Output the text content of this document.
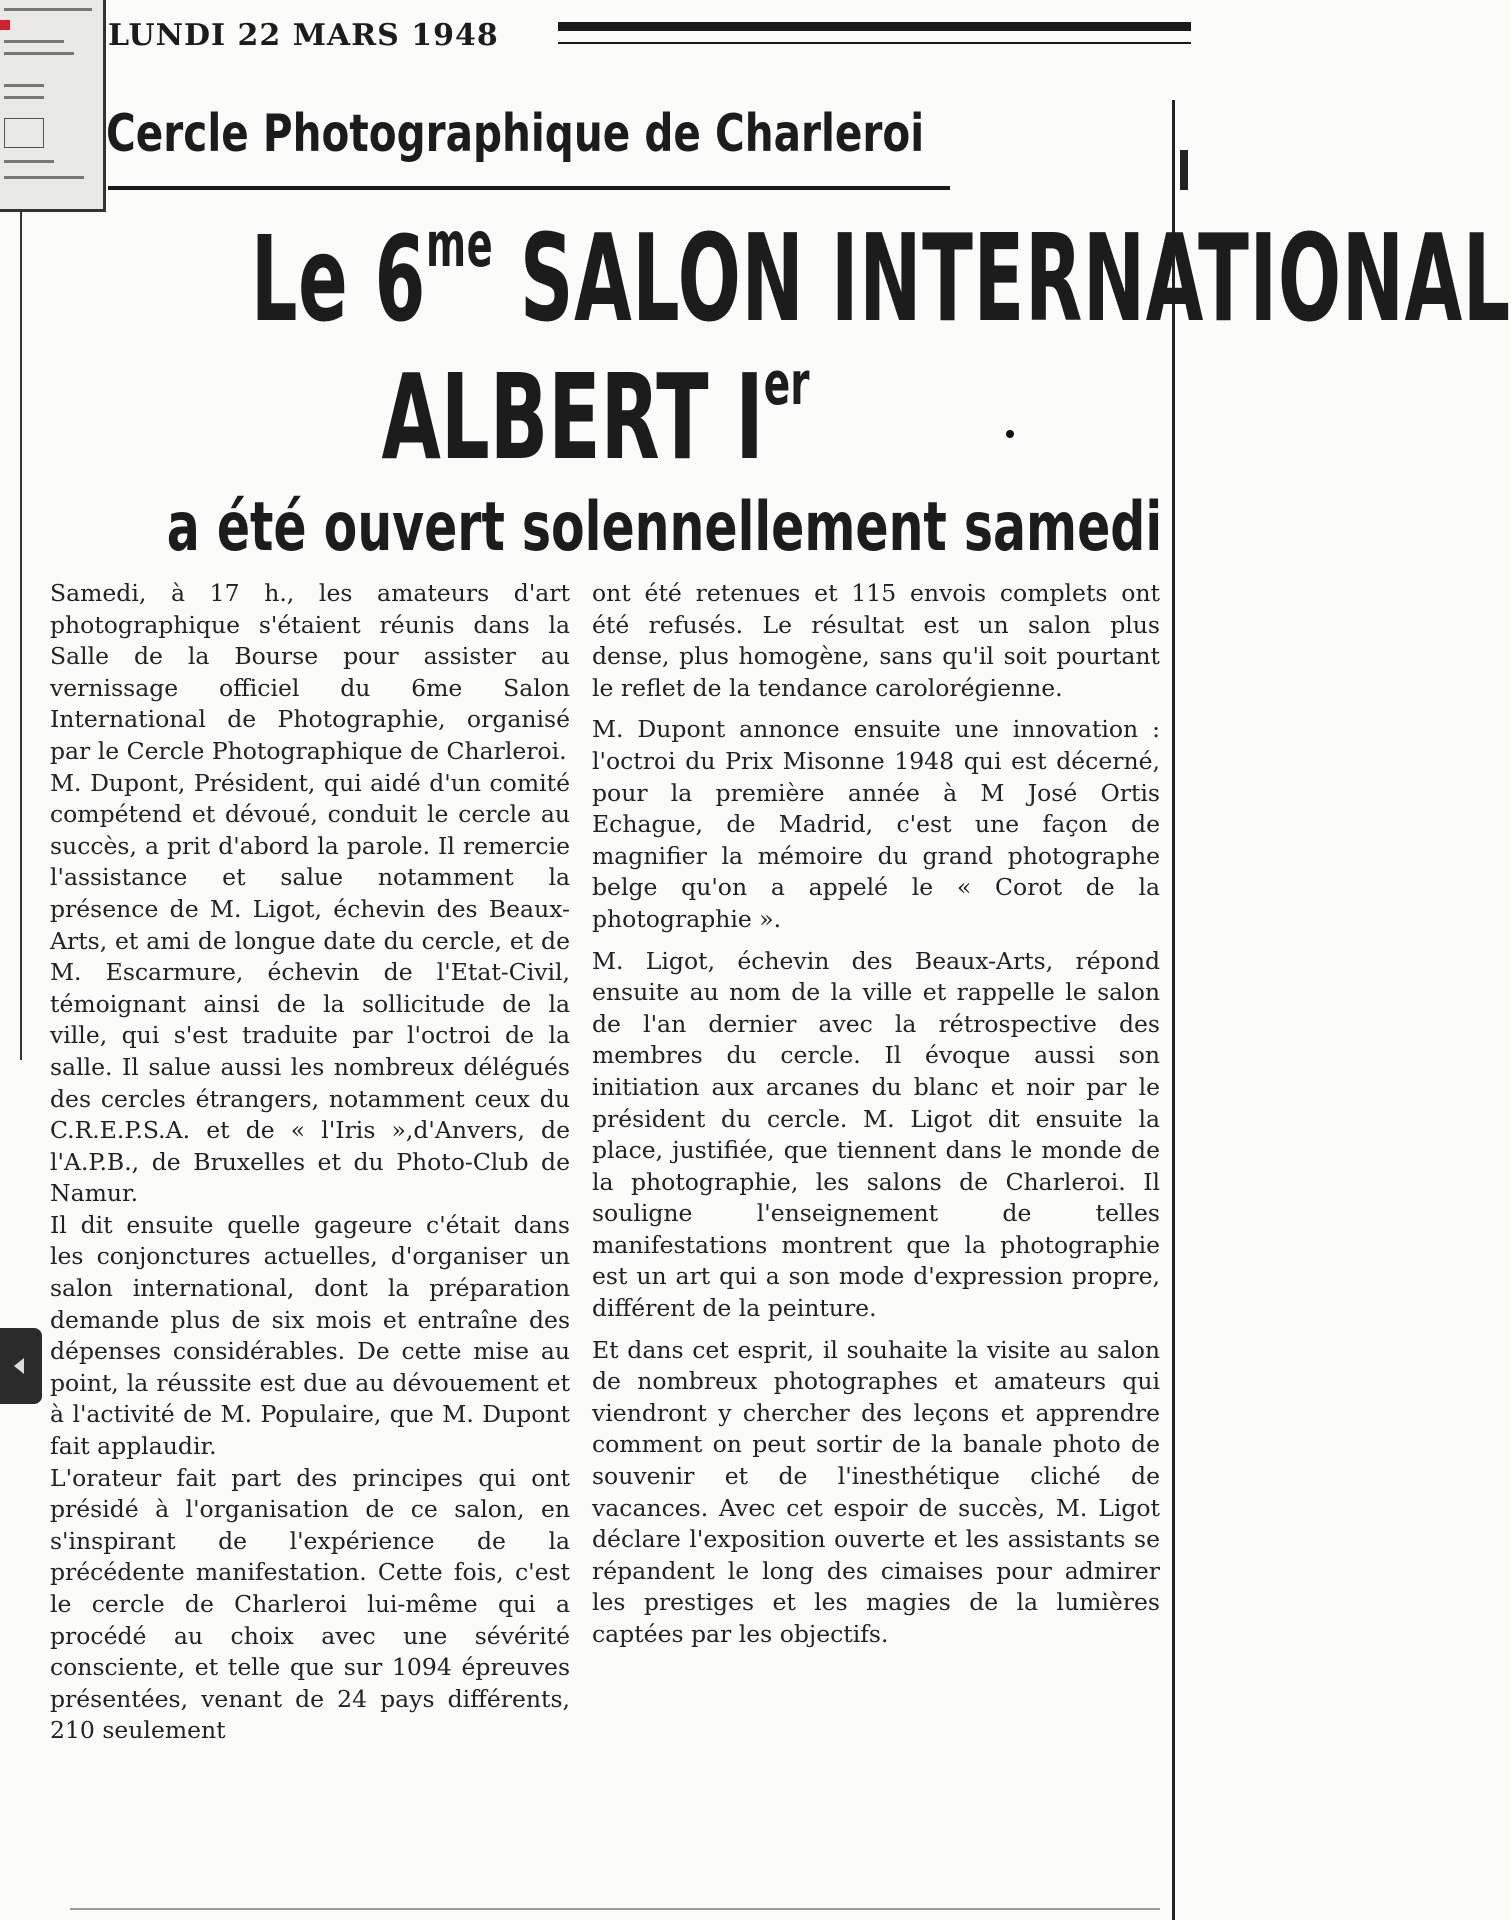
LUNDI 22 MARS 1948
Cercle Photographique de Charleroi
Le $6^{me}$ SALON INTERNATIONAL
ALBERT Ier
a été ouvert solennellement samedi

Samedi, à 17 h., les amateurs d'art photographique s'étaient réunis dans la Salle de la Bourse pour assister au vernissage officiel du 6me Salon International de Photographie, organisé par le Cercle Photographique de Charleroi.

M. Dupont, Président, qui aidé d'un comité compétend et dévoué, conduit le cercle au succès, a prit d'abord la parole. Il remercie l'assistance et salue notamment la présence de M. Ligot, échevin des Beaux-Arts, et ami de longue date du cercle, et de M. Escarmure, échevin de l'Etat-Civil, témoignant ainsi de la sollicitude de la ville, qui s'est traduite par l'octroi de la salle. Il salue aussi les nombreux délégués des cercles étrangers, notamment ceux du C.R.E.P.S.A. et de « l'Iris »,d'Anvers, de l'A.P.B., de Bruxelles et du Photo-Club de Namur.

Il dit ensuite quelle gageure c'était dans les conjonctures actuelles, d'organiser un salon international, dont la préparation demande plus de six mois et entraîne des dépenses considérables. De cette mise au point, la réussite est due au dévouement et à l'activité de M. Populaire, que M. Dupont fait applaudir.

L'orateur fait part des principes qui ont présidé à l'organisation de ce salon, en s'inspirant de l'expérience de la précédente manifestation. Cette fois, c'est le cercle de Charleroi lui-même qui a procédé au choix avec une sévérité consciente, et telle que sur 1094 épreuves présentées, venant de 24 pays différents, 210 seulement

ont été retenues et 115 envois complets ont été refusés. Le résultat est un salon plus dense, plus homogène, sans qu'il soit pourtant le reflet de la tendance carolorégienne.

M. Dupont annonce ensuite une innovation : l'octroi du Prix Misonne 1948 qui est décerné, pour la première année à M José Ortis Echague, de Madrid, c'est une façon de magnifier la mémoire du grand photographe belge qu'on a appelé le « Corot de la photographie ».

M. Ligot, échevin des Beaux-Arts, répond ensuite au nom de la ville et rappelle le salon de l'an dernier avec la rétrospective des membres du cercle. Il évoque aussi son initiation aux arcanes du blanc et noir par le président du cercle. M. Ligot dit ensuite la place, justifiée, que tiennent dans le monde de la photographie, les salons de Charleroi. Il souligne l'enseignement de telles manifestations montrent que la photographie est un art qui a son mode d'expression propre, différent de la peinture.

Et dans cet esprit, il souhaite la visite au salon de nombreux photographes et amateurs qui viendront y chercher des leçons et apprendre comment on peut sortir de la banale photo de souvenir et de l'inesthétique cliché de vacances. Avec cet espoir de succès, M. Ligot déclare l'exposition ouverte et les assistants se répandent le long des cimaises pour admirer les prestiges et les magies de la lumières captées par les objectifs.
